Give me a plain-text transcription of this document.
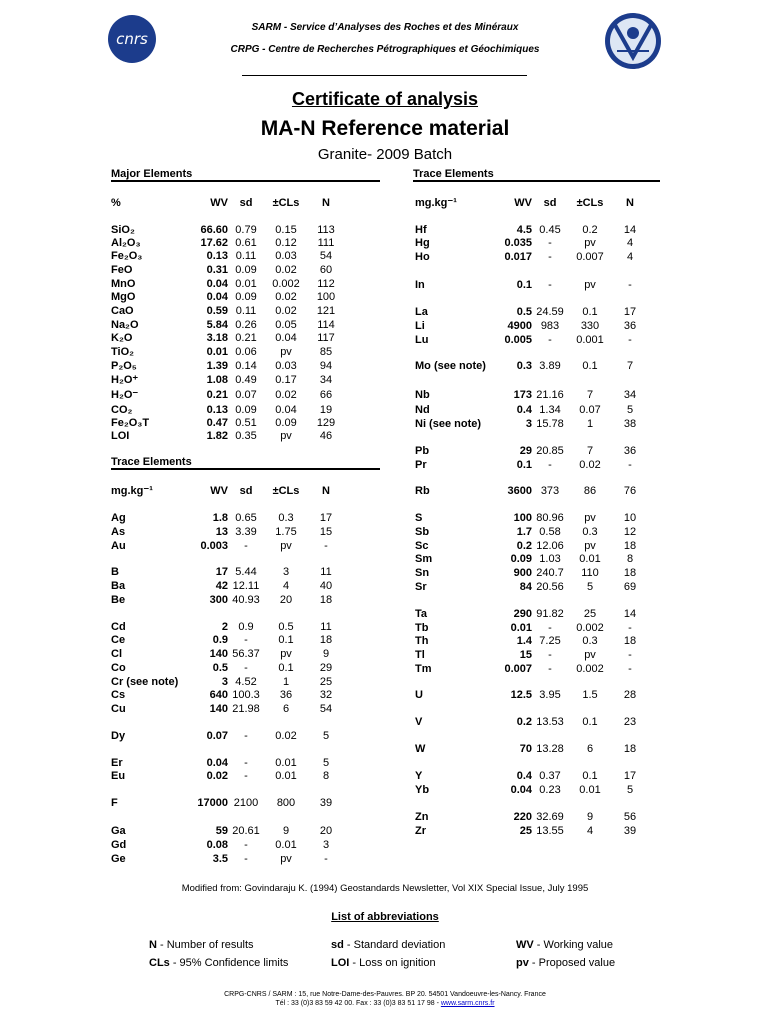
cnrs
SARM - Service d’Analyses des Roches et des Minéraux
CRPG - Centre de Recherches Pétrographiques et Géochimiques
Certificate of analysis
MA-N Reference material
Granite- 2009 Batch
Major Elements	Trace Elements
Trace Elements
%	WV	sd	±CLs	N
SiO₂	66.60 0.79	0.15	113
Al₂O₃	17.62 0.61	0.12	111
Fe₂O₃	0.13 0.11	0.03	54
FeO	0.31 0.09	0.02	60
MnO	0.04 0.01	0.002	112
MgO	0.04 0.09	0.02	100
CaO	0.59 0.11	0.02	121
Na₂O	5.84 0.26	0.05	114
K₂O	3.18 0.21	0.04	117
TiO₂	0.01 0.06	pv	85
P₂O₅	1.39 0.14	0.03	94
H₂O⁺	1.08 0.49	0.17	34
H₂O⁻	0.21 0.07	0.02	66
CO₂	0.13 0.09	0.04	19
Fe₂O₃T	0.47 0.51	0.09	129
LOI	1.82 0.35	pv	46
mg.kg⁻¹	WV	sd	±CLs	N
Ag	1.8 0.65	0.3	17
As	13 3.39	1.75	15
Au	0.003	-	pv	-
B	17 5.44	3	11
Ba	42 12.11	4	40
Be	300 40.93	20	18
Cd	2 0.9	0.5	11
Ce	0.9	-	0.1	18
Cl	140 56.37	pv	9
Co	0.5	-	0.1	29
Cr (see note)	3 4.52	1	25
Cs	640 100.3	36	32
Cu	140 21.98	6	54
Dy	0.07	-	0.02	5
Er	0.04	-	0.01	5
Eu	0.02	-	0.01	8
F	17000 2100	800	39
Ga	59 20.61	9	20
Gd	0.08	-	0.01	3
Ge	3.5	-	pv	-
mg.kg⁻¹	WV	sd	±CLs	N
Hf	4.5 0.45	0.2	14
Hg	0.035	-	pv	4
Ho	0.017	-	0.007	4
In	0.1	-	pv	-
La	0.5 24.59	0.1	17
Li	4900 983	330	36
Lu	0.005	-	0.001	-
Mo (see note)	0.3 3.89	0.1	7
Nb	173 21.16	7	34
Nd	0.4 1.34	0.07	5
Ni (see note)	3 15.78	1	38
Pb	29 20.85	7	36
Pr	0.1	-	0.02	-
Rb	3600 373	86	76
S	100 80.96	pv	10
Sb	1.7 0.58	0.3	12
Sc	0.2 12.06	pv	18
Sm	0.09 1.03	0.01	8
Sn	900 240.7	110	18
Sr	84 20.56	5	69
Ta	290 91.82	25	14
Tb	0.01	-	0.002	-
Th	1.4 7.25	0.3	18
Tl	15	-	pv	-
Tm	0.007	-	0.002	-
U	12.5 3.95	1.5	28
V	0.2 13.53	0.1	23
W	70 13.28	6	18
Y	0.4 0.37	0.1	17
Yb	0.04 0.23	0.01	5
Zn	220 32.69	9	56
Zr	25 13.55	4	39
Modified from: Govindaraju K. (1994) Geostandards Newsletter, Vol XIX Special Issue, July 1995
List of abbreviations
N - Number of results	sd - Standard deviation	WV - Working value
CLs - 95% Confidence limits	LOI - Loss on ignition	pv - Proposed value
CRPG-CNRS / SARM : 15, rue Notre-Dame-des-Pauvres. BP 20. 54501 Vandoeuvre-les-Nancy. France
Tél : 33 (0)3 83 59 42 00. Fax : 33 (0)3 83 51 17 98 - www.sarm.cnrs.fr
